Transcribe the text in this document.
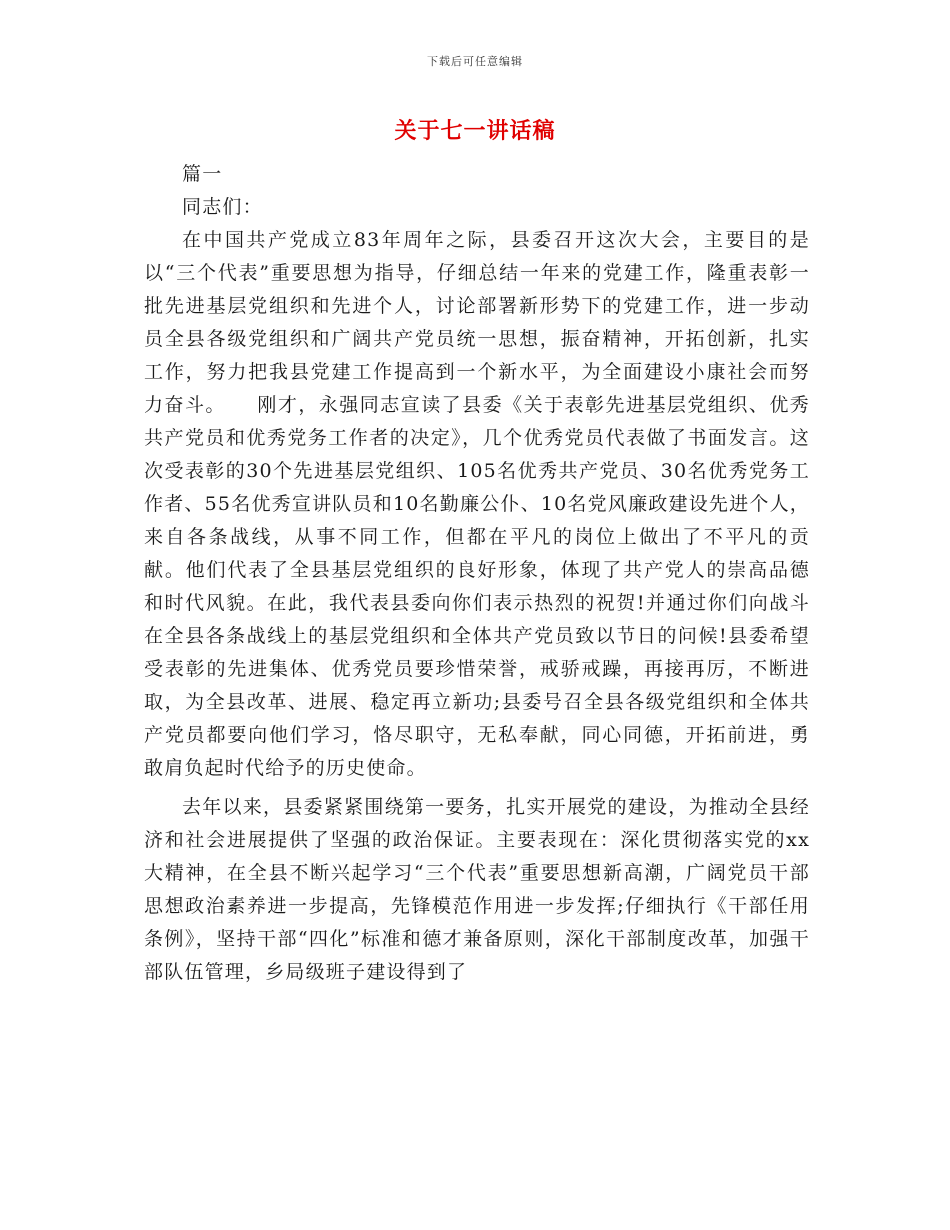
下载后可任意编辑
关于七一讲话稿

篇一

同志们：

在中国共产党成立83年周年之际，县委召开这次大会，主要目的是以“三个代表”重要思想为指导，仔细总结一年来的党建工作，隆重表彰一批先进基层党组织和先进个人，讨论部署新形势下的党建工作，进一步动员全县各级党组织和广阔共产党员统一思想，振奋精神，开拓创新，扎实工作，努力把我县党建工作提高到一个新水平，为全面建设小康社会而努力奋斗。　　刚才，永强同志宣读了县委《关于表彰先进基层党组织、优秀共产党员和优秀党务工作者的决定》，几个优秀党员代表做了书面发言。这次受表彰的30个先进基层党组织、105名优秀共产党员、30名优秀党务工作者、55名优秀宣讲队员和10名勤廉公仆、10名党风廉政建设先进个人，来自各条战线，从事不同工作，但都在平凡的岗位上做出了不平凡的贡献。他们代表了全县基层党组织的良好形象，体现了共产党人的崇高品德和时代风貌。在此，我代表县委向你们表示热烈的祝贺!并通过你们向战斗在全县各条战线上的基层党组织和全体共产党员致以节日的问候!县委希望受表彰的先进集体、优秀党员要珍惜荣誉，戒骄戒躁，再接再厉，不断进取，为全县改革、进展、稳定再立新功;县委号召全县各级党组织和全体共产党员都要向他们学习，恪尽职守，无私奉献，同心同德，开拓前进，勇敢肩负起时代给予的历史使命。

去年以来，县委紧紧围绕第一要务，扎实开展党的建设，为推动全县经济和社会进展提供了坚强的政治保证。主要表现在：深化贯彻落实党的xx大精神，在全县不断兴起学习“三个代表”重要思想新高潮，广阔党员干部思想政治素养进一步提高，先锋模范作用进一步发挥;仔细执行《干部任用条例》，坚持干部“四化”标准和德才兼备原则，深化干部制度改革，加强干部队伍管理，乡局级班子建设得到了
